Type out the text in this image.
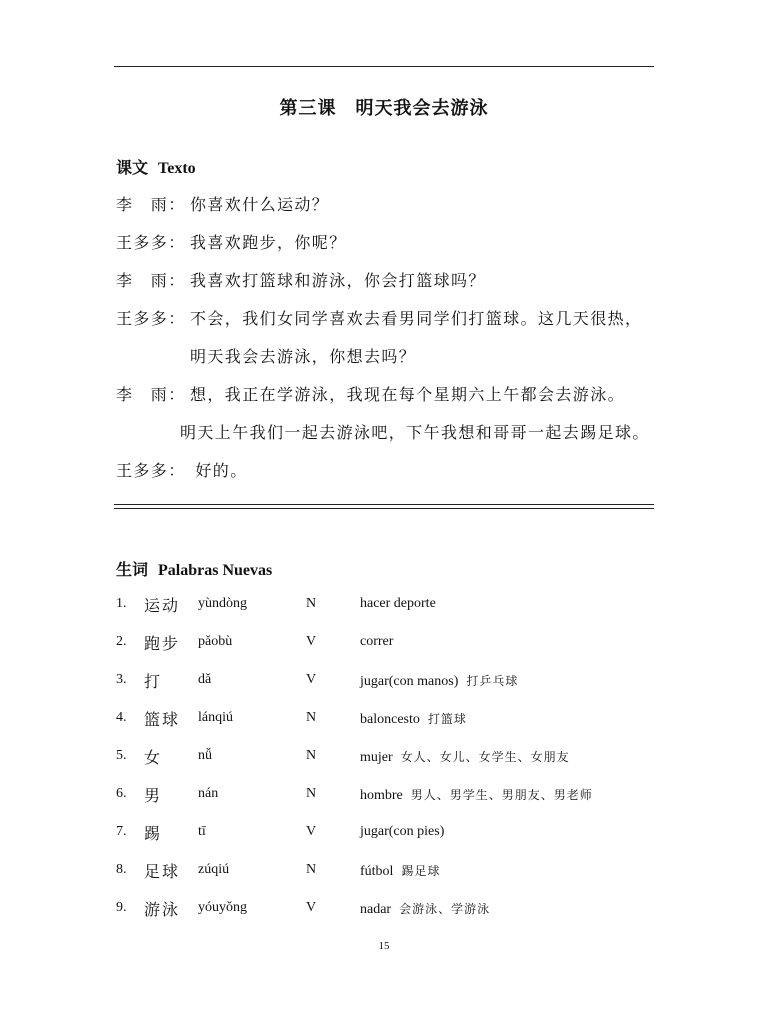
第三课　明天我会去游泳
课文 Texto
李　雨： 你喜欢什么运动？
王多多： 我喜欢跑步，你呢？
李　雨： 我喜欢打篮球和游泳，你会打篮球吗？
王多多： 不会，我们女同学喜欢去看男同学们打篮球。这几天很热，
明天我会去游泳，你想去吗？
李　雨： 想，我正在学游泳，我现在每个星期六上午都会去游泳。
明天上午我们一起去游泳吧，下午我想和哥哥一起去踢足球。
王多多： 好的。
生词 Palabras Nuevas
1. 运动 yùndòng	N	hacer deporte
2. 跑步 pǎobù	V	correr
3. 打	dǎ	V	jugar(con manos) 打乒乓球
4. 篮球 lánqiú	N	baloncesto 打篮球
5. 女	nǚ	N	mujer 女人、女儿、女学生、女朋友
6. 男	nán	N	hombre 男人、男学生、男朋友、男老师
7. 踢	tī	V	jugar(con pies)
8. 足球 zúqiú	N	fútbol 踢足球
9. 游泳 yóuyǒng	V	nadar 会游泳、学游泳
15
